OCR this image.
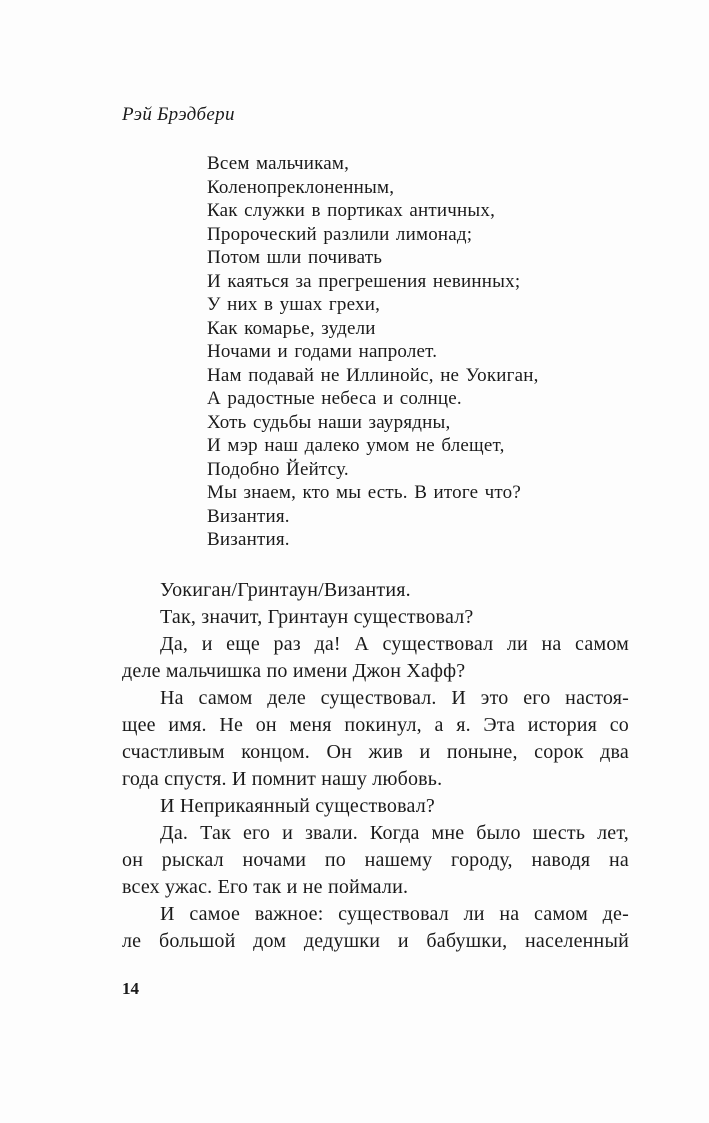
Рэй Брэдбери
Всем мальчикам,
Коленопреклоненным,
Как служки в портиках античных,
Пророческий разлили лимонад;
Потом шли почивать
И каяться за прегрешения невинных;
У них в ушах грехи,
Как комарье, зудели
Ночами и годами напролет.
Нам подавай не Иллинойс, не Уокиган,
А радостные небеса и солнце.
Хоть судьбы наши заурядны,
И мэр наш далеко умом не блещет,
Подобно Йейтсу.
Мы знаем, кто мы есть. В итоге что?
Византия.
Византия.
Уокиган/Гринтаун/Византия.
Так, значит, Гринтаун существовал?
Да, и еще раз да! А существовал ли на самом
деле мальчишка по имени Джон Хафф?
На самом деле существовал. И это его настоя-
щее имя. Не он меня покинул, а я. Эта история со
счастливым концом. Он жив и поныне, сорок два
года спустя. И помнит нашу любовь.
И Неприкаянный существовал?
Да. Так его и звали. Когда мне было шесть лет,
он рыскал ночами по нашему городу, наводя на
всех ужас. Его так и не поймали.
И самое важное: существовал ли на самом де-
ле большой дом дедушки и бабушки, населенный
14
